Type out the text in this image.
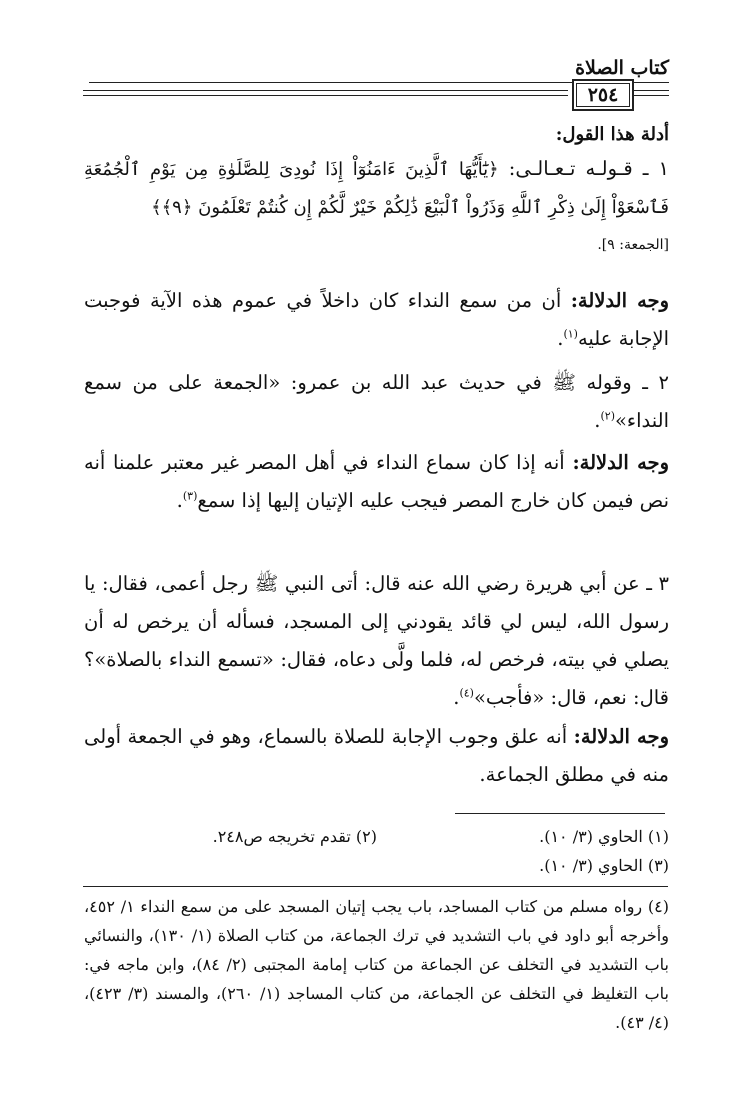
كتاب الصلاة
٢٥٤
أدلة هذا القول:
١ ـ قـولـه تـعـالـى: ﴿يَٰٓأَيُّهَا ٱلَّذِينَ ءَامَنُوٓاْ إِذَا نُودِىَ لِلصَّلَوٰةِ مِن يَوْمِ ٱلْجُمُعَةِ فَٱسْعَوْاْ إِلَىٰ ذِكْرِ ٱللَّهِ وَذَرُواْ ٱلْبَيْعَ ذَٰلِكُمْ خَيْرٌ لَّكُمْ إِن كُنتُمْ تَعْلَمُونَ ﴿٩﴾﴾
[الجمعة: ٩].
وجه الدلالة: أن من سمع النداء كان داخلاً في عموم هذه الآية فوجبت الإجابة عليه$^{(١)}$.
٢ ـ وقوله ﷺ في حديث عبد الله بن عمرو: «الجمعة على من سمع النداء»$^{(٢)}$.
وجه الدلالة: أنه إذا كان سماع النداء في أهل المصر غير معتبر علمنا أنه نص فيمن كان خارج المصر فيجب عليه الإتيان إليها إذا سمع$^{(٣)}$.
٣ ـ عن أبي هريرة رضي الله عنه قال: أتى النبي ﷺ رجل أعمى، فقال: يا رسول الله، ليس لي قائد يقودني إلى المسجد، فسأله أن يرخص له أن يصلي في بيته، فرخص له، فلما ولَّى دعاه، فقال: «تسمع النداء بالصلاة»؟ قال: نعم، قال: «فأجب»$^{(٤)}$.
وجه الدلالة: أنه علق وجوب الإجابة للصلاة بالسماع، وهو في الجمعة أولى منه في مطلق الجماعة.
(١) الحاوي (٣/ ١٠).
(٢) تقدم تخريجه ص٢٤٨.
(٣) الحاوي (٣/ ١٠).
(٤) رواه مسلم من كتاب المساجد، باب يجب إتيان المسجد على من سمع النداء ١/ ٤٥٢، وأخرجه أبو داود في باب التشديد في ترك الجماعة، من كتاب الصلاة (١/ ١٣٠)، والنسائي باب التشديد في التخلف عن الجماعة من كتاب إمامة المجتبى (٢/ ٨٤)، وابن ماجه في: باب التغليظ في التخلف عن الجماعة، من كتاب المساجد (١/ ٢٦٠)، والمسند (٣/ ٤٢٣)، (٤/ ٤٣).
